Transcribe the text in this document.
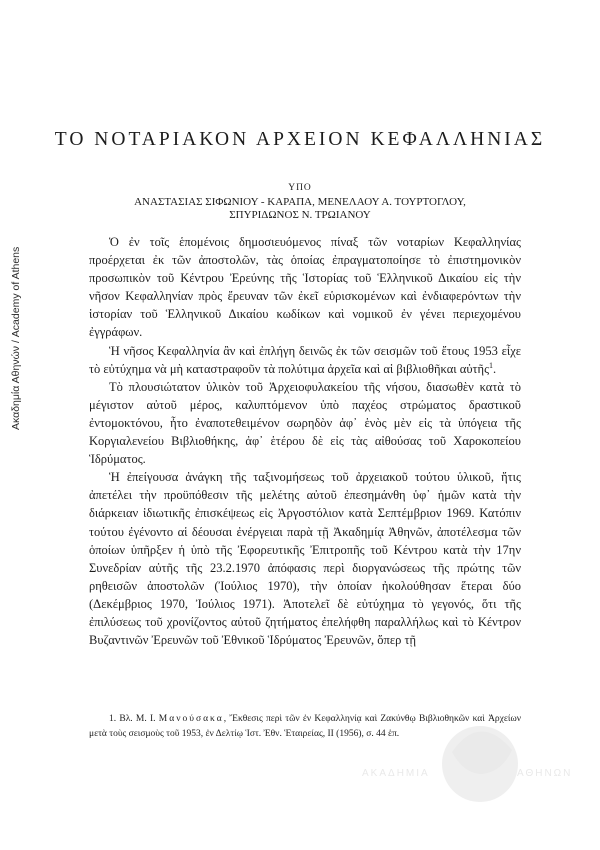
Ακαδημία Αθηνών / Academy of Athens
ΤΟ ΝΟΤΑΡΙΑΚΟΝ ΑΡΧΕΙΟΝ ΚΕΦΑΛΛΗΝΙΑΣ
ΥΠΟ
ΑΝΑΣΤΑΣΙΑΣ ΣΙΦΩΝΙΟΥ - ΚΑΡΑΠΑ, ΜΕΝΕΛΑΟΥ Α. ΤΟΥΡΤΟΓΛΟΥ,
ΣΠΥΡΙΔΩΝΟΣ Ν. ΤΡΩΙΑΝΟΥ

Ὁ ἐν τοῖς ἑπομένοις δημοσιευόμενος πίναξ τῶν νοταρίων Κεφαλληνίας προέρχεται ἐκ τῶν ἀποστολῶν, τὰς ὁποίας ἐπραγματοποίησε τὸ ἐπιστημονικὸν προσωπικὸν τοῦ Κέντρου Ἐρεύνης τῆς Ἱστορίας τοῦ Ἑλληνικοῦ Δικαίου εἰς τὴν νῆσον Κεφαλληνίαν πρὸς ἔρευναν τῶν ἐκεῖ εὑρισκομένων καὶ ἐνδιαφερόντων τὴν ἱστορίαν τοῦ Ἑλληνικοῦ Δικαίου κωδίκων καὶ νομικοῦ ἐν γένει περιεχομένου ἐγγράφων.

Ἡ νῆσος Κεφαλληνία ἂν καὶ ἐπλήγη δεινῶς ἐκ τῶν σεισμῶν τοῦ ἔτους 1953 εἶχε τὸ εὐτύχημα νὰ μὴ καταστραφοῦν τὰ πολύτιμα ἀρχεῖα καὶ αἱ βιβλιοθῆκαι αὐτῆς$^1$.

Τὸ πλουσιώτατον ὑλικὸν τοῦ Ἀρχειοφυλακείου τῆς νήσου, διασωθὲν κατὰ τὸ μέγιστον αὐτοῦ μέρος, καλυπτόμενον ὑπὸ παχέος στρώματος δραστικοῦ ἐντομοκτόνου, ἦτο ἐναποτεθειμένον σωρηδὸν ἀφ᾽ ἑνὸς μὲν εἰς τὰ ὑπόγεια τῆς Κοργιαλενείου Βιβλιοθήκης, ἀφ᾽ ἑτέρου δὲ εἰς τὰς αἰθούσας τοῦ Χαροκοπείου Ἱδρύματος.

Ἡ ἐπείγουσα ἀνάγκη τῆς ταξινομήσεως τοῦ ἀρχειακοῦ τούτου ὑλικοῦ, ἥτις ἀπετέλει τὴν προϋπόθεσιν τῆς μελέτης αὐτοῦ ἐπεσημάνθη ὑφ᾽ ἡμῶν κατὰ τὴν διάρκειαν ἰδιωτικῆς ἐπισκέψεως εἰς Ἀργοστόλιον κατὰ Σεπτέμβριον 1969. Κατόπιν τούτου ἐγένοντο αἱ δέουσαι ἐνέργειαι παρὰ τῇ Ἀκαδημίᾳ Ἀθηνῶν, ἀποτέλεσμα τῶν ὁποίων ὑπῆρξεν ἡ ὑπὸ τῆς Ἐφορευτικῆς Ἐπιτροπῆς τοῦ Κέντρου κατὰ τὴν 17ην Συνεδρίαν αὐτῆς τῆς 23.2.1970 ἀπόφασις περὶ διοργανώσεως τῆς πρώτης τῶν ρηθεισῶν ἀποστολῶν (Ἰούλιος 1970), τὴν ὁποίαν ἠκολούθησαν ἕτεραι δύο (Δεκέμβριος 1970, Ἰούλιος 1971). Ἀποτελεῖ δὲ εὐτύχημα τὸ γεγονός, ὅτι τῆς ἐπιλύσεως τοῦ χρονίζοντος αὐτοῦ ζητήματος ἐπελήφθη παραλλήλως καὶ τὸ Κέντρον Βυζαντινῶν Ἐρευνῶν τοῦ Ἐθνικοῦ Ἱδρύματος Ἐρευνῶν, ὅπερ τῇ

1. Βλ. Μ. Ι. Μανούσακα, Ἔκθεσις περὶ τῶν ἐν Κεφαλληνίᾳ καὶ Ζακύνθῳ Βιβλιοθηκῶν καὶ Ἀρχείων μετὰ τοὺς σεισμοὺς τοῦ 1953, ἐν Δελτίῳ Ἱστ. Ἐθν. Ἑταιρείας, ΙΙ (1956), σ. 44 ἑπ.
ΑΚΑΔΗΜΙΑ	ΑΘΗΝΩΝ
